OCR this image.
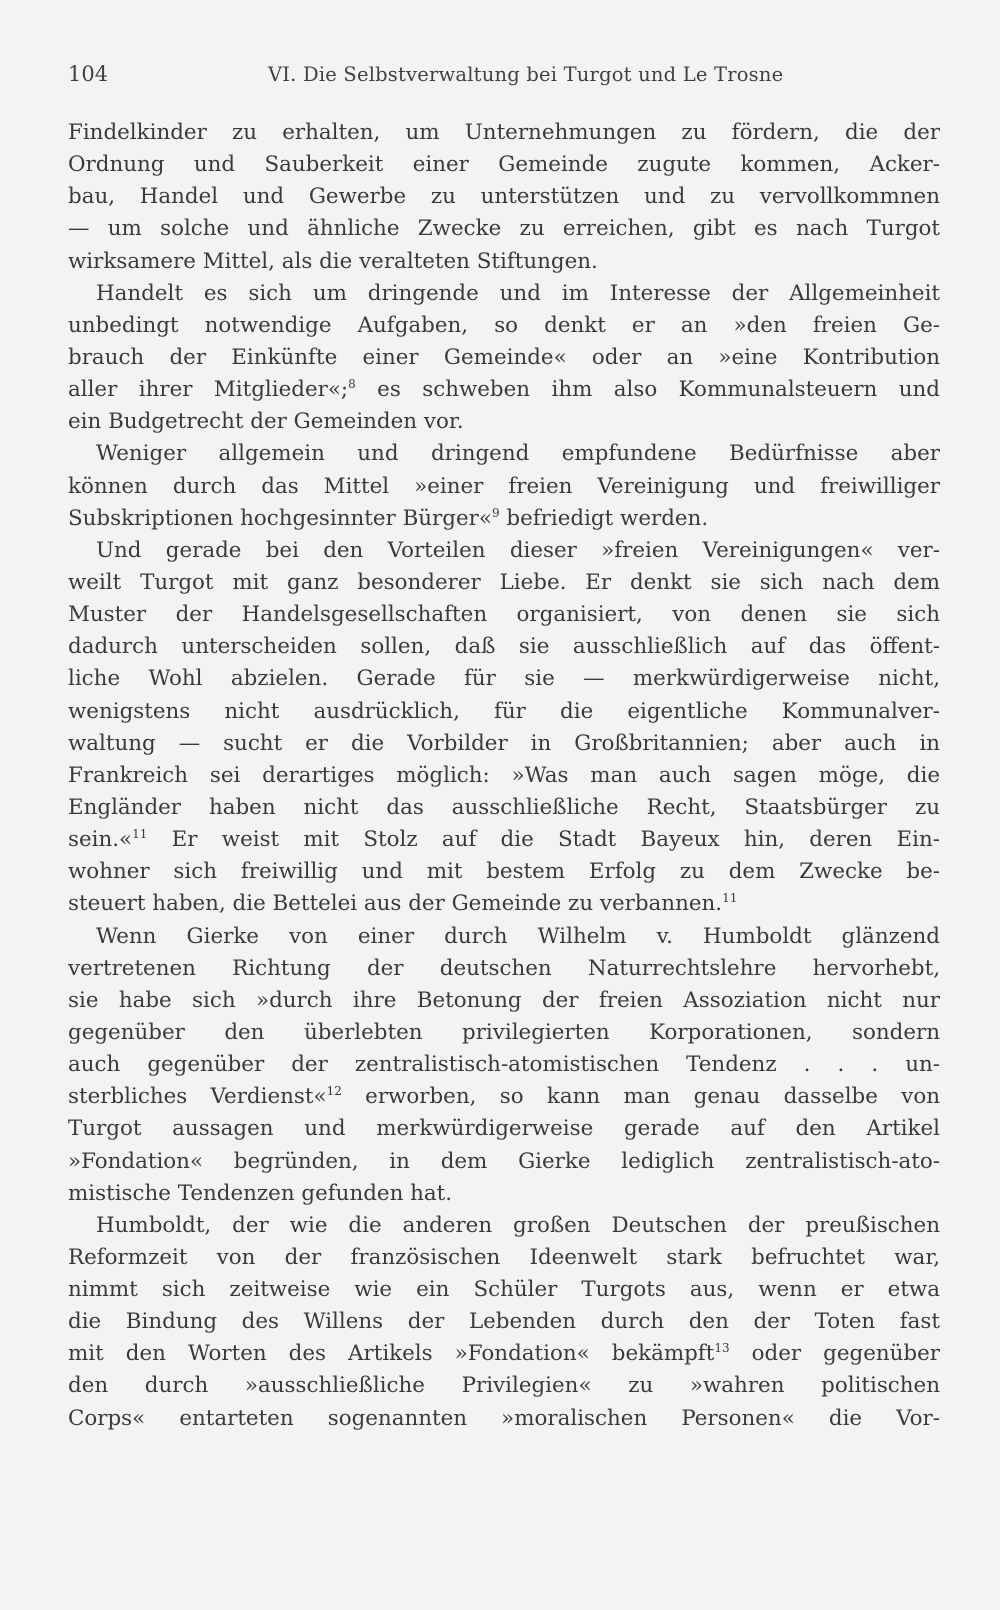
104	VI. Die Selbstverwaltung bei Turgot und Le Trosne
Findelkinder zu erhalten, um Unternehmungen zu fördern, die der
Ordnung und Sauberkeit einer Gemeinde zugute kommen, Acker-
bau, Handel und Gewerbe zu unterstützen und zu vervollkommnen
— um solche und ähnliche Zwecke zu erreichen, gibt es nach Turgot
wirksamere Mittel, als die veralteten Stiftungen.
Handelt es sich um dringende und im Interesse der Allgemeinheit
unbedingt notwendige Aufgaben, so denkt er an »den freien Ge-
brauch der Einkünfte einer Gemeinde« oder an »eine Kontribution
aller ihrer Mitglieder«;$^8$ es schweben ihm also Kommunalsteuern und
ein Budgetrecht der Gemeinden vor.
Weniger allgemein und dringend empfundene Bedürfnisse aber
können durch das Mittel »einer freien Vereinigung und freiwilliger
Subskriptionen hochgesinnter Bürger«$^9$ befriedigt werden.
Und gerade bei den Vorteilen dieser »freien Vereinigungen« ver-
weilt Turgot mit ganz besonderer Liebe. Er denkt sie sich nach dem
Muster der Handelsgesellschaften organisiert, von denen sie sich
dadurch unterscheiden sollen, daß sie ausschließlich auf das öffent-
liche Wohl abzielen. Gerade für sie — merkwürdigerweise nicht,
wenigstens nicht ausdrücklich, für die eigentliche Kommunalver-
waltung — sucht er die Vorbilder in Großbritannien; aber auch in
Frankreich sei derartiges möglich: »Was man auch sagen möge, die
Engländer haben nicht das ausschließliche Recht, Staatsbürger zu
sein.«$^{11}$ Er weist mit Stolz auf die Stadt Bayeux hin, deren Ein-
wohner sich freiwillig und mit bestem Erfolg zu dem Zwecke be-
steuert haben, die Bettelei aus der Gemeinde zu verbannen.$^{11}$
Wenn Gierke von einer durch Wilhelm v. Humboldt glänzend
vertretenen Richtung der deutschen Naturrechtslehre hervorhebt,
sie habe sich »durch ihre Betonung der freien Assoziation nicht nur
gegenüber den überlebten privilegierten Korporationen, sondern
auch gegenüber der zentralistisch-atomistischen Tendenz . . . un-
sterbliches Verdienst«$^{12}$ erworben, so kann man genau dasselbe von
Turgot aussagen und merkwürdigerweise gerade auf den Artikel
»Fondation« begründen, in dem Gierke lediglich zentralistisch-ato-
mistische Tendenzen gefunden hat.
Humboldt, der wie die anderen großen Deutschen der preußischen
Reformzeit von der französischen Ideenwelt stark befruchtet war,
nimmt sich zeitweise wie ein Schüler Turgots aus, wenn er etwa
die Bindung des Willens der Lebenden durch den der Toten fast
mit den Worten des Artikels »Fondation« bekämpft$^{13}$ oder gegenüber
den durch »ausschließliche Privilegien« zu »wahren politischen
Corps« entarteten sogenannten »moralischen Personen« die Vor-
